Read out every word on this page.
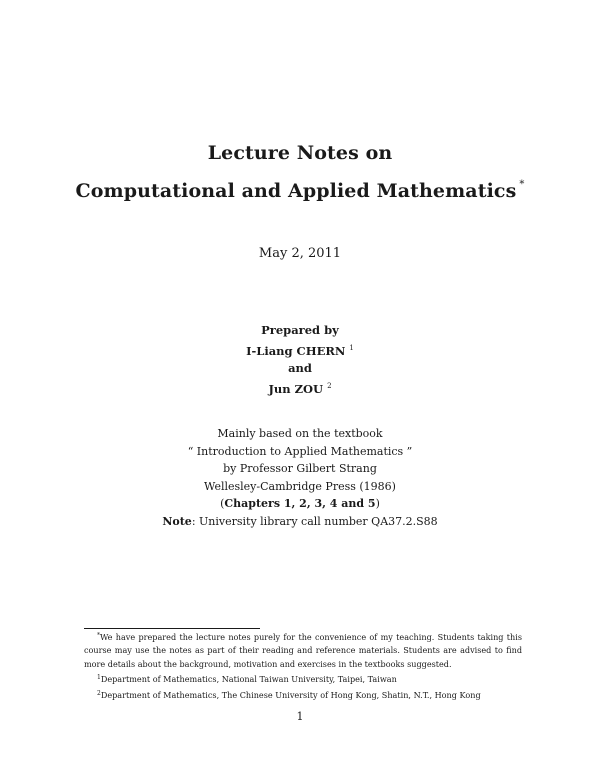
Lecture Notes on
Computational and Applied Mathematics *
May 2, 2011
Prepared by
I-Liang CHERN $^1$
and
Jun ZOU $^2$
Mainly based on the textbook
“ Introduction to Applied Mathematics ”
by Professor Gilbert Strang
Wellesley-Cambridge Press (1986)
(Chapters 1, 2, 3, 4 and 5)
Note: University library call number QA37.2.S88

*We have prepared the lecture notes purely for the convenience of my teaching. Students taking this course may use the notes as part of their reading and reference materials. Students are advised to find more details about the background, motivation and exercises in the textbooks suggested.

$^1$Department of Mathematics, National Taiwan University, Taipei, Taiwan

$^2$Department of Mathematics, The Chinese University of Hong Kong, Shatin, N.T., Hong Kong

1
